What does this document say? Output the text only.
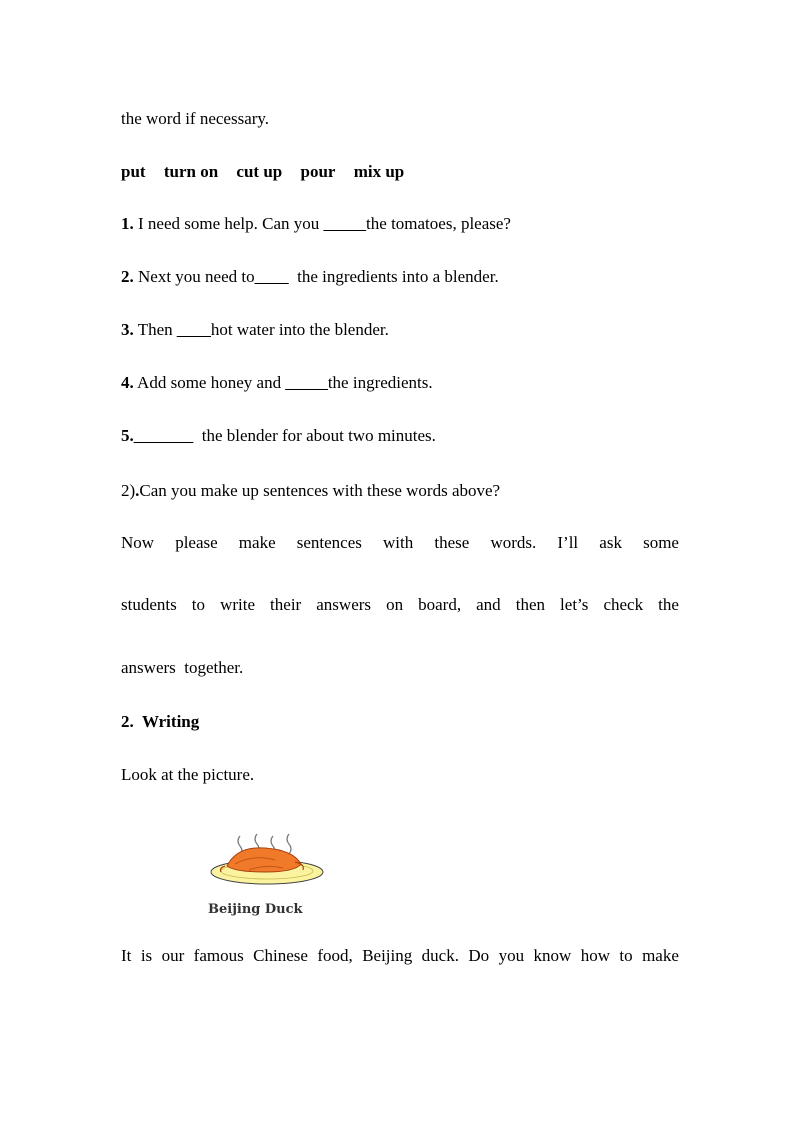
the word if necessary.
put turn on cut up pour mix up
1. I need some help. Can you _____the tomatoes, please?
2. Next you need to____  the ingredients into a blender.
3. Then ____hot water into the blender.
4. Add some honey and _____the ingredients.
5._______  the blender for about two minutes.
2).Can you make up sentences with these words above?
Now please make sentences with these words. I’ll ask some
students to write their answers on board, and then let’s check the
answers  together.
2.  Writing
Look at the picture.
Beijing Duck
It is our famous Chinese food, Beijing duck. Do you know how to make
